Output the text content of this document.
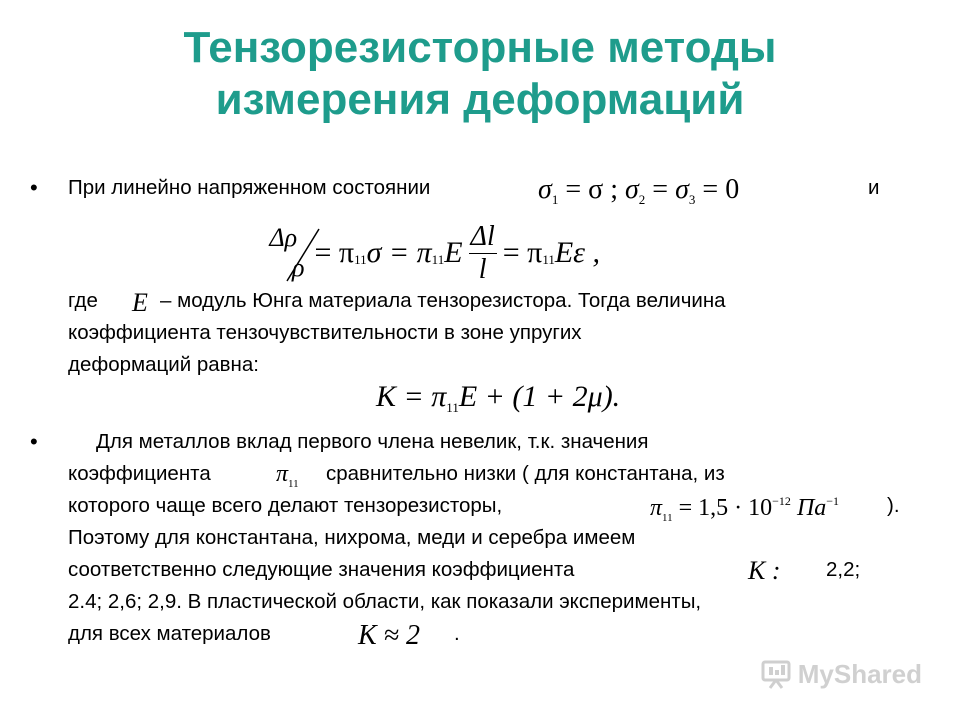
Тензорезисторные методы
измерения деформаций
• При линейно напряженном состоянии	$\sigma_1 = \sigma$ ; $\sigma_2 = \sigma_3 = 0$	и
Δρ
ρ = π 11 σ = π 11 E $\frac{\Delta l}{l} = \pi$ 11 Eε ,
где E – модуль Юнга материала тензорезистора. Тогда величина
коэффициента тензочувствительности в зоне упругих
деформаций равна:
$K = \pi_{11}E + (1 + 2\mu)$.
•	Для металлов вклад первого члена невелик, т.к. значения
коэффициента	$\pi_{11}$ сравнительно низки ( для константана, из
которого чаще всего делают тензорезисторы,	$\pi_{11} = 1,5 \cdot 10^{-12}$ $Па^{-1}$ ).
Поэтому для константана, нихрома, меди и серебра имеем
соответственно следующие значения коэффициента	K : 2,2;
2.4; 2,6; 2,9. В пластической области, как показали эксперименты,
для всех материалов	K ≈ 2 .
MyShared
